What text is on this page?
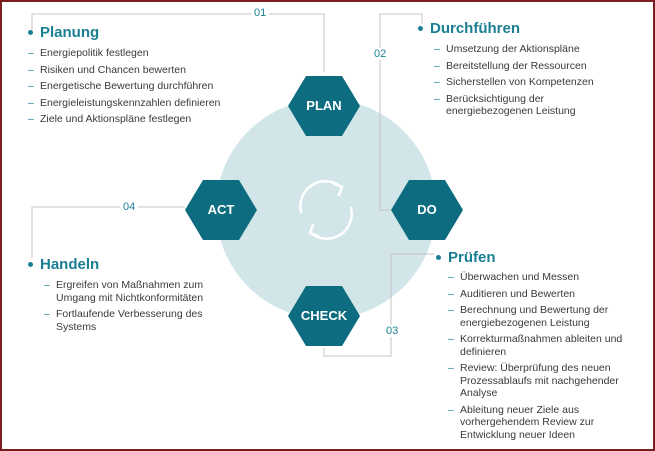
PLAN
DO
CHECK
ACT
01
02
03
04
Planung
– Energiepolitik festlegen
– Risiken und Chancen bewerten
– Energetische Bewertung durchführen
– Energieleistungskennzahlen definieren
– Ziele und Aktionspläne festlegen
Durchführen
– Umsetzung der Aktionspläne
– Bereitstellung der Ressourcen
– Sicherstellen von Kompetenzen
– Berücksichtigung der energiebezogenen Leistung
Handeln
– Ergreifen von Maßnahmen zum Umgang mit Nichtkonformitäten
– Fortlaufende Verbesserung des Systems
Prüfen
– Überwachen und Messen
– Auditieren und Bewerten
– Berechnung und Bewertung der energiebezogenen Leistung
– Korrekturmaßnahmen ableiten und definieren
– Review: Überprüfung des neuen Prozessablaufs mit nachgehender Analyse
– Ableitung neuer Ziele aus vorhergehendem Review zur Entwicklung neuer Ideen
